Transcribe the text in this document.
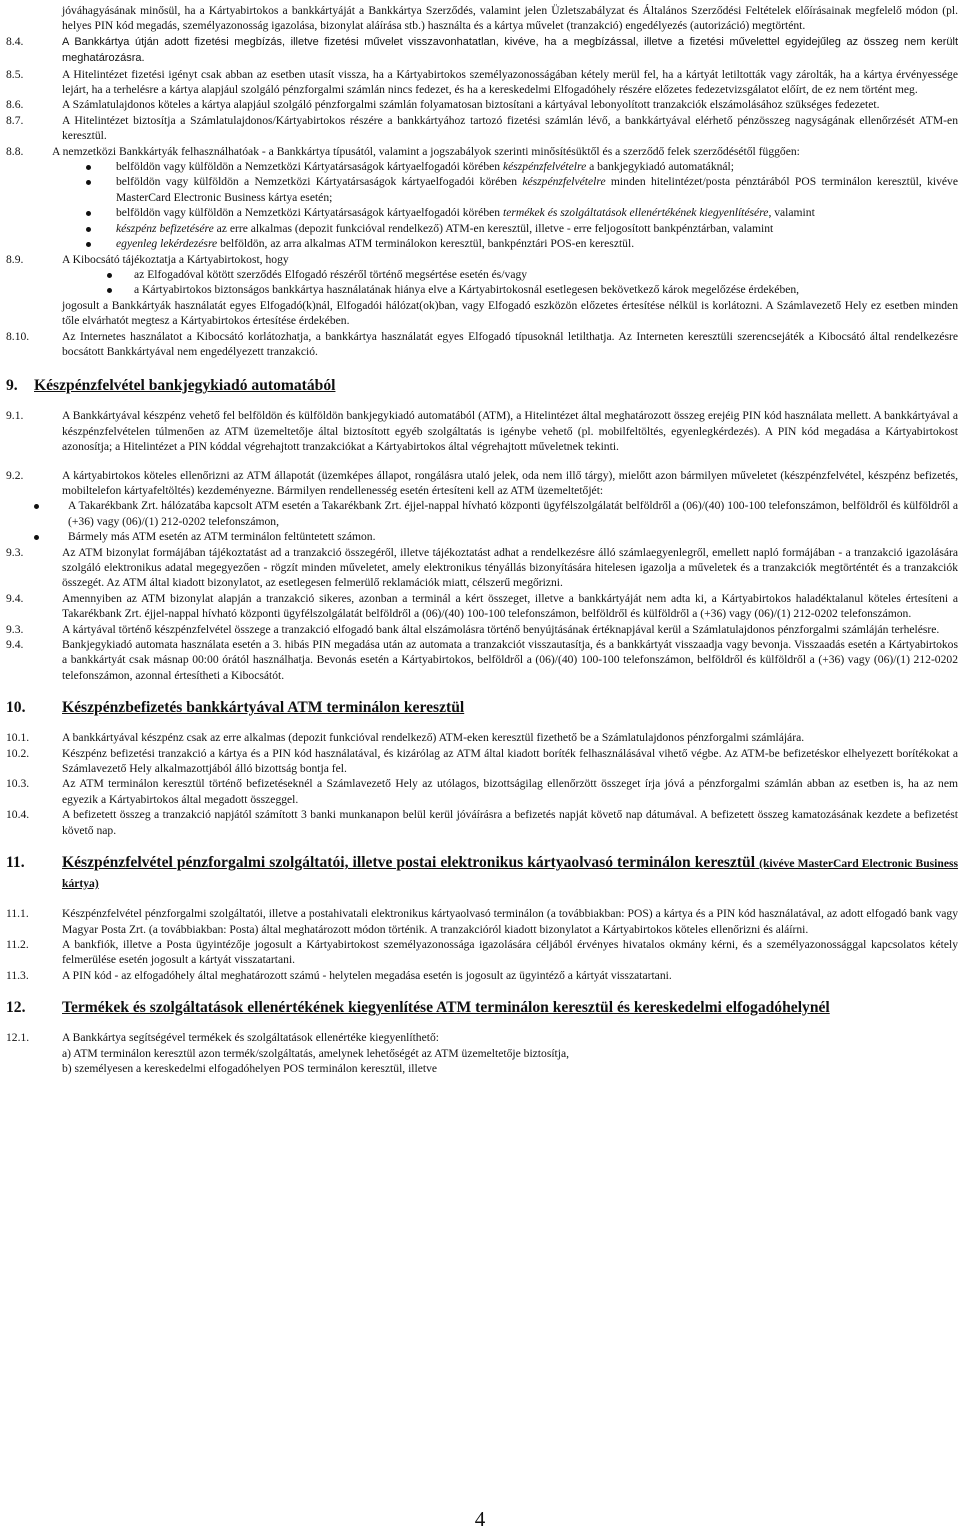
jóváhagyásának minősül, ha a Kártyabirtokos a bankkártyáját a Bankkártya Szerződés, valamint jelen Üzletszabályzat és Általános Szerződési Feltételek előírásainak megfelelő módon (pl. helyes PIN kód megadás, személyazonosság igazolása, bizonylat aláírása stb.) használta és a kártya művelet (tranzakció) engedélyezés (autorizáció) megtörtént.

8.4.	A Bankkártya útján adott fizetési megbízás, illetve fizetési művelet visszavonhatatlan, kivéve, ha a megbízással, illetve a fizetési művelettel egyidejűleg az összeg nem került meghatározásra.
8.5.	A Hitelintézet fizetési igényt csak abban az esetben utasít vissza, ha a Kártyabirtokos személyazonosságában kétely merül fel, ha a kártyát letiltották vagy zárolták, ha a kártya érvényessége lejárt, ha a terhelésre a kártya alapjául szolgáló pénzforgalmi számlán nincs fedezet, és ha a kereskedelmi Elfogadóhely részére előzetes fedezetvizsgálatot előírt, de ez nem történt meg.
8.6.	A Számlatulajdonos köteles a kártya alapjául szolgáló pénzforgalmi számlán folyamatosan biztosítani a kártyával lebonyolított tranzakciók elszámolásához szükséges fedezetet.
8.7.	A Hitelintézet biztosítja a Számlatulajdonos/Kártyabirtokos részére a bankkártyához tartozó fizetési számlán lévő, a bankkártyával elérhető pénzösszeg nagyságának ellenőrzését ATM-en keresztül.
8.8. A nemzetközi Bankkártyák felhasználhatóak - a Bankkártya típusától, valamint a jogszabályok szerinti minősítésüktől és a szerződő felek szerződésétől függően:
belföldön vagy külföldön a Nemzetközi Kártyatársaságok kártyaelfogadói körében készpénzfelvételre a bankjegykiadó automatáknál;
belföldön vagy külföldön a Nemzetközi Kártyatársaságok kártyaelfogadói körében készpénzfelvételre minden hitelintézet/posta pénztárából POS terminálon keresztül, kivéve MasterCard Electronic Business kártya esetén;
belföldön vagy külföldön a Nemzetközi Kártyatársaságok kártyaelfogadói körében termékek és szolgáltatások ellenértékének kiegyenlítésére, valamint
készpénz befizetésére az erre alkalmas (depozit funkcióval rendelkező) ATM-en keresztül, illetve - erre feljogosított bankpénztárban, valamint
egyenleg lekérdezésre belföldön, az arra alkalmas ATM terminálokon keresztül, bankpénztári POS-en keresztül.
8.9.	A Kibocsátó tájékoztatja a Kártyabirtokost, hogy
az Elfogadóval kötött szerződés Elfogadó részéről történő megsértése esetén és/vagy
a Kártyabirtokos biztonságos bankkártya használatának hiánya elve a Kártyabirtokosnál esetlegesen bekövetkező károk megelőzése érdekében,

jogosult a Bankkártyák használatát egyes Elfogadó(k)nál, Elfogadói hálózat(ok)ban, vagy Elfogadó eszközön előzetes értesítése nélkül is korlátozni. A Számlavezető Hely ez esetben minden tőle elvárhatót megtesz a Kártyabirtokos értesítése érdekében.

8.10.	Az Internetes használatot a Kibocsátó korlátozhatja, a bankkártya használatát egyes Elfogadó típusoknál letilthatja. Az Interneten keresztüli szerencsejáték a Kibocsátó által rendelkezésre bocsátott Bankkártyával nem engedélyezett tranzakció.
9. Készpénzfelvétel bankjegykiadó automatából
9.1.	A Bankkártyával készpénz vehető fel belföldön és külföldön bankjegykiadó automatából (ATM), a Hitelintézet által meghatározott összeg erejéig PIN kód használata mellett. A bankkártyával a készpénzfelvételen túlmenően az ATM üzemeltetője által biztosított egyéb szolgáltatás is igénybe vehető (pl. mobilfeltöltés, egyenlegkérdezés). A PIN kód megadása a Kártyabirtokost azonosítja; a Hitelintézet a PIN kóddal végrehajtott tranzakciókat a Kártyabirtokos által végrehajtott műveletnek tekinti.
9.2.	A kártyabirtokos köteles ellenőrizni az ATM állapotát (üzemképes állapot, rongálásra utaló jelek, oda nem illő tárgy), mielőtt azon bármilyen műveletet (készpénzfelvétel, készpénz befizetés, mobiltelefon kártyafeltöltés) kezdeményezne. Bármilyen rendellenesség esetén értesíteni kell az ATM üzemeltetőjét:
A Takarékbank Zrt. hálózatába kapcsolt ATM esetén a Takarékbank Zrt. éjjel-nappal hívható központi ügyfélszolgálatát belföldről a (06)/(40) 100-100 telefonszámon, belföldről és külföldről a (+36) vagy (06)/(1) 212-0202 telefonszámon,
Bármely más ATM esetén az ATM terminálon feltüntetett számon.
9.3.	Az ATM bizonylat formájában tájékoztatást ad a tranzakció összegéről, illetve tájékoztatást adhat a rendelkezésre álló számlaegyenlegről, emellett napló formájában - a tranzakció igazolására szolgáló elektronikus adatal megegyezően - rögzít minden műveletet, amely elektronikus tényállás bizonyítására hitelesen igazolja a műveletek és a tranzakciók megtörténtét és a tranzakciók összegét. Az ATM által kiadott bizonylatot, az esetlegesen felmerülő reklamációk miatt, célszerű megőrizni.
9.4.	Amennyiben az ATM bizonylat alapján a tranzakció sikeres, azonban a terminál a kért összeget, illetve a bankkártyáját nem adta ki, a Kártyabirtokos haladéktalanul köteles értesíteni a Takarékbank Zrt. éjjel-nappal hívható központi ügyfélszolgálatát belföldről a (06)/(40) 100-100 telefonszámon, belföldről és külföldről a (+36) vagy (06)/(1) 212-0202 telefonszámon.
9.3.	A kártyával történő készpénzfelvétel összege a tranzakció elfogadó bank által elszámolásra történő benyújtásának értéknapjával kerül a Számlatulajdonos pénzforgalmi számláján terhelésre.
9.4.	Bankjegykiadó automata használata esetén a 3. hibás PIN megadása után az automata a tranzakciót visszautasítja, és a bankkártyát visszaadja vagy bevonja. Visszaadás esetén a Kártyabirtokos a bankkártyát csak másnap 00:00 órától használhatja. Bevonás esetén a Kártyabirtokos, belföldről a (06)/(40) 100-100 telefonszámon, belföldről és külföldről a (+36) vagy (06)/(1) 212-0202 telefonszámon, azonnal értesítheti a Kibocsátót.
10. Készpénzbefizetés bankkártyával ATM terminálon keresztül
10.1.	A bankkártyával készpénz csak az erre alkalmas (depozit funkcióval rendelkező) ATM-eken keresztül fizethető be a Számlatulajdonos pénzforgalmi számlájára.
10.2.	Készpénz befizetési tranzakció a kártya és a PIN kód használatával, és kizárólag az ATM által kiadott boríték felhasználásával vihető végbe. Az ATM-be befizetéskor elhelyezett borítékokat a Számlavezető Hely alkalmazottjából álló bizottság bontja fel.
10.3.	Az ATM terminálon keresztül történő befizetéseknél a Számlavezető Hely az utólagos, bizottságilag ellenőrzött összeget írja jóvá a pénzforgalmi számlán abban az esetben is, ha az nem egyezik a Kártyabirtokos által megadott összeggel.
10.4.	A befizetett összeg a tranzakció napjától számított 3 banki munkanapon belül kerül jóváírásra a befizetés napját követő nap dátumával. A befizetett összeg kamatozásának kezdete a befizetést követő nap.
11. Készpénzfelvétel pénzforgalmi szolgáltatói, illetve postai elektronikus kártyaolvasó terminálon keresztül (kivéve MasterCard Electronic Business kártya)
11.1.	Készpénzfelvétel pénzforgalmi szolgáltatói, illetve a postahivatali elektronikus kártyaolvasó terminálon (a továbbiakban: POS) a kártya és a PIN kód használatával, az adott elfogadó bank vagy Magyar Posta Zrt. (a továbbiakban: Posta) által meghatározott módon történik. A tranzakcióról kiadott bizonylatot a Kártyabirtokos köteles ellenőrizni és aláírni.
11.2.	A bankfiók, illetve a Posta ügyintézője jogosult a Kártyabirtokost személyazonossága igazolására céljából érvényes hivatalos okmány kérni, és a személyazonossággal kapcsolatos kétely felmerülése esetén jogosult a kártyát visszatartani.
11.3.	A PIN kód - az elfogadóhely által meghatározott számú - helytelen megadása esetén is jogosult az ügyintéző a kártyát visszatartani.
12. Termékek és szolgáltatások ellenértékének kiegyenlítése ATM terminálon keresztül és kereskedelmi elfogadóhelynél
12.1.	A Bankkártya segítségével termékek és szolgáltatások ellenértéke kiegyenlíthető:

a) ATM terminálon keresztül azon termék/szolgáltatás, amelynek lehetőségét az ATM üzemeltetője biztosítja,

b) személyesen a kereskedelmi elfogadóhelyen POS terminálon keresztül, illetve

4
